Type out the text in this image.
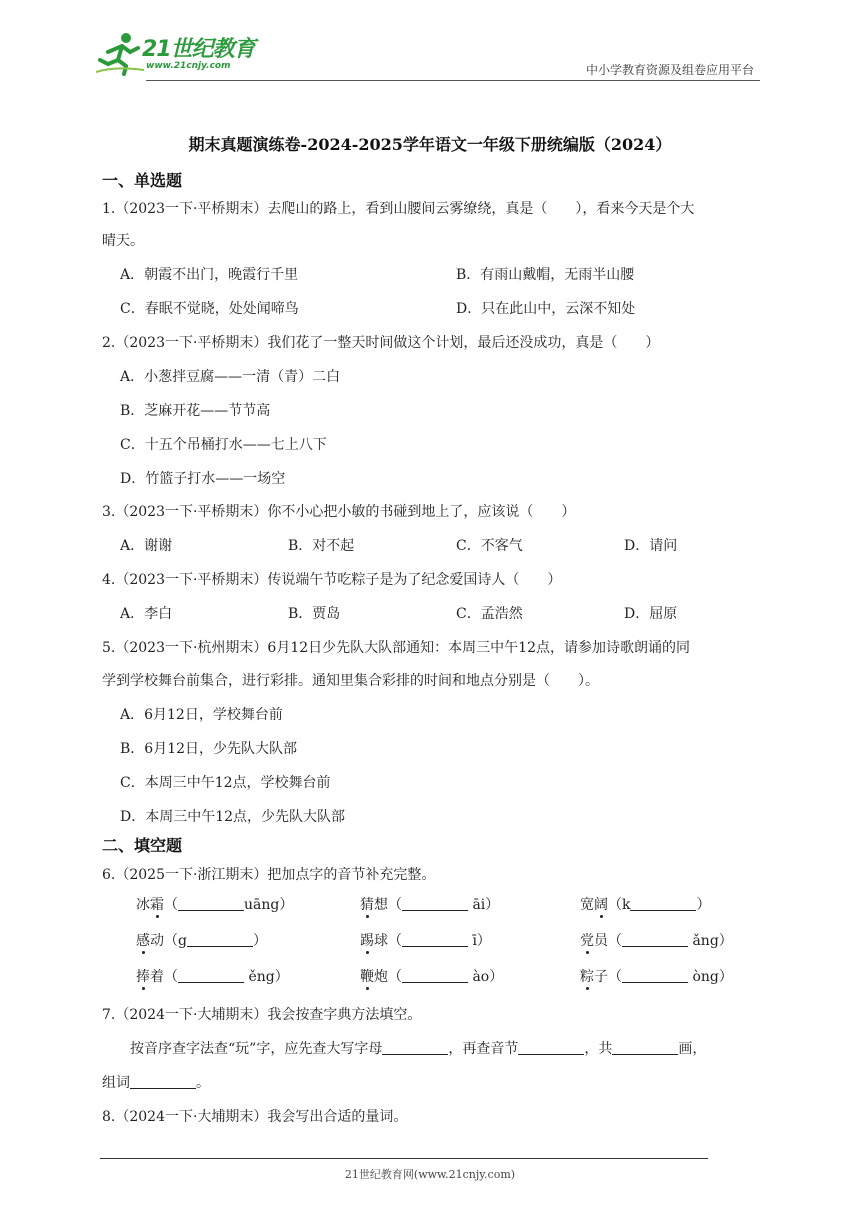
21世纪教育
www.21cnjy.com	中小学教育资源及组卷应用平台
期末真题演练卷-2024-2025学年语文一年级下册统编版（2024）
一、单选题
1.（2023一下·平桥期末）去爬山的路上，看到山腰间云雾缭绕，真是（　　），看来今天是个大
晴天。
A．朝霞不出门，晚霞行千里	B．有雨山戴帽，无雨半山腰
C．春眠不觉晓，处处闻啼鸟	D．只在此山中，云深不知处
2.（2023一下·平桥期末）我们花了一整天时间做这个计划，最后还没成功，真是（　　）
A．小葱拌豆腐——一清（青）二白
B．芝麻开花——节节高
C．十五个吊桶打水——七上八下
D．竹篮子打水——一场空
3.（2023一下·平桥期末）你不小心把小敏的书碰到地上了，应该说（　　）
A．谢谢	B．对不起	C．不客气	D．请问
4.（2023一下·平桥期末）传说端午节吃粽子是为了纪念爱国诗人（　　）
A．李白	B．贾岛	C．孟浩然	D．屈原
5.（2023一下·杭州期末）6月12日少先队大队部通知：本周三中午12点，请参加诗歌朗诵的同
学到学校舞台前集合，进行彩排。通知里集合彩排的时间和地点分别是（　　）。
A．6月12日，学校舞台前
B．6月12日，少先队大队部
C．本周三中午12点，学校舞台前
D．本周三中午12点，少先队大队部
二、填空题
6.（2025一下·浙江期末）把加点字的音节补充完整。
冰霜（	uāng）	猜想（	āi）	宽阔（k	）
感动（g	）	踢球（	ī）	党员（	ǎng）
捧着（	ěng）	鞭炮（	ào）	粽子（	òng）
7.（2024一下·大埔期末）我会按查字典方法填空。
按音序查字法查“玩”字，应先查大写字母	，再查音节	，共	画，
组词	。
8.（2024一下·大埔期末）我会写出合适的量词。
21世纪教育网(www.21cnjy.com)
